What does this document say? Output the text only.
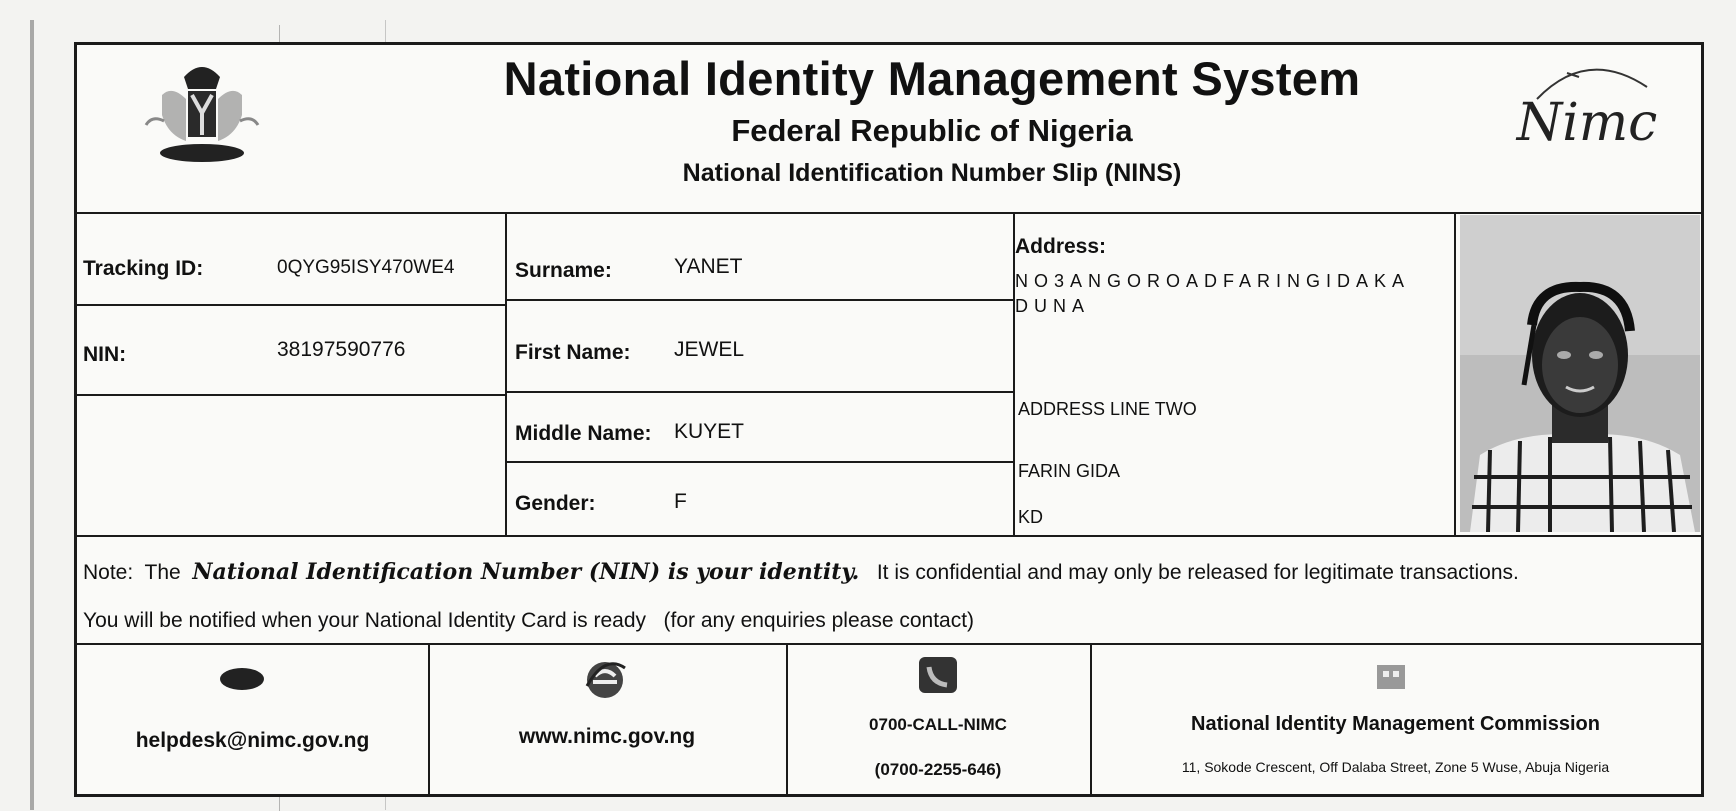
National Identity Management System
Federal Republic of Nigeria
National Identification Number Slip (NINS)
Nimc
Tracking ID:	0QYG95ISY470WE4
NIN:	38197590776
Surname:	YANET
First Name: JEWEL
Middle Name: KUYET
Gender:	F
Address:
NO3ANGOROADFARINGIDAKA
DUNA
ADDRESS LINE TWO
FARIN GIDA
KD
Note: The National Identification Number (NIN) is your identity. It is confidential and may only be released for legitimate transactions.
You will be notified when your National Identity Card is ready   (for any enquiries please contact)
helpdesk@nimc.gov.ng	www.nimc.gov.ng
0700-CALL-NIMC
(0700-2255-646)
National Identity Management Commission
11, Sokode Crescent, Off Dalaba Street, Zone 5 Wuse, Abuja Nigeria
